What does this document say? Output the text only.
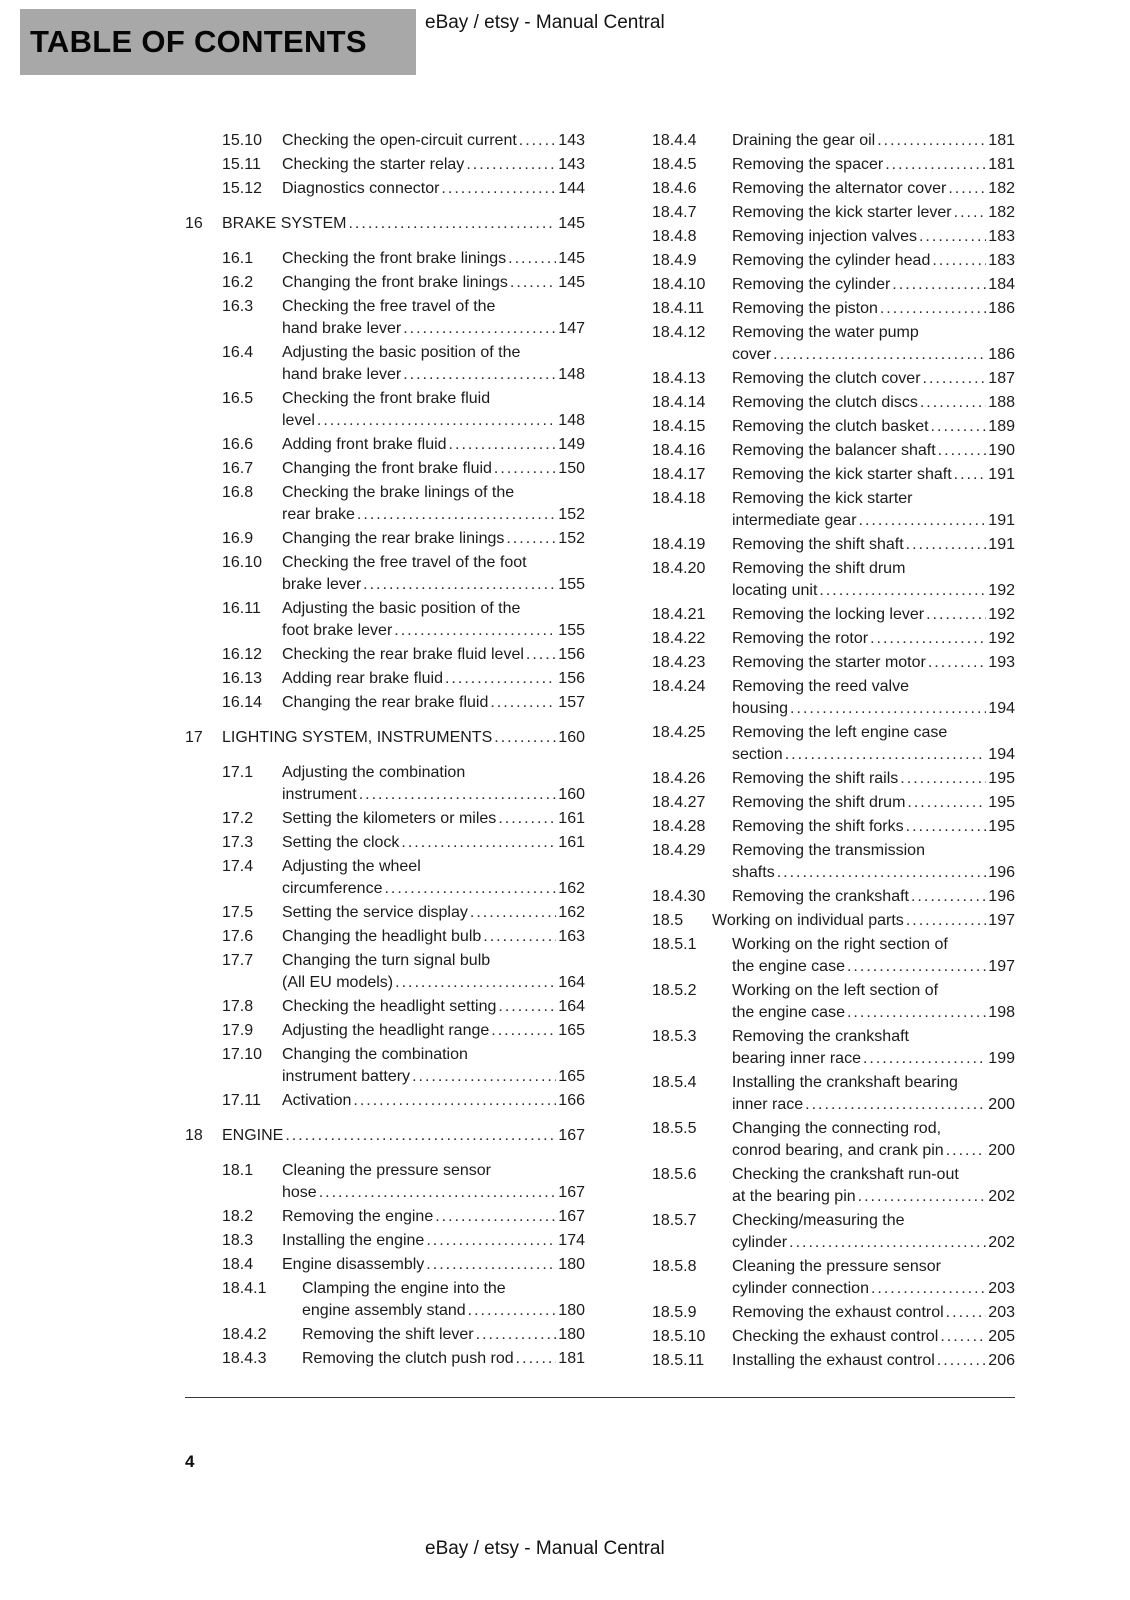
TABLE OF CONTENTS
eBay / etsy - Manual Central
15.10	Checking the open-circuit current .....	143
15.11	Checking the starter relay .....	143
15.12	Diagnostics connector .....	144
16	BRAKE SYSTEM .....	145
16.1	Checking the front brake linings .....	145
16.2	Changing the front brake linings .....	145
16.3	Checking the free travel of the
hand brake lever .....	147
16.4	Adjusting the basic position of the
hand brake lever .....	148
16.5	Checking the front brake fluid
level .....	148
16.6	Adding front brake fluid .....	149
16.7	Changing the front brake fluid .....	150
16.8	Checking the brake linings of the
rear brake .....	152
16.9	Changing the rear brake linings .....	152
16.10	Checking the free travel of the foot
brake lever .....	155
16.11	Adjusting the basic position of the
foot brake lever .....	155
16.12	Checking the rear brake fluid level ..... 156
16.13	Adding rear brake fluid .....	156
16.14	Changing the rear brake fluid .....	157
17	LIGHTING SYSTEM, INSTRUMENTS .....	160
17.1	Adjusting the combination
instrument .....	160
17.2	Setting the kilometers or miles .....	161
17.3	Setting the clock .....	161
17.4	Adjusting the wheel
circumference .....	162
17.5	Setting the service display .....	162
17.6	Changing the headlight bulb .....	163
17.7	Changing the turn signal bulb
(All EU models) .....	164
17.8	Checking the headlight setting .....	164
17.9	Adjusting the headlight range .....	165
17.10	Changing the combination
instrument battery .....	165
17.11	Activation .....	166
18	ENGINE .....	167
18.1	Cleaning the pressure sensor
hose .....	167
18.2	Removing the engine .....	167
18.3	Installing the engine .....	174
18.4	Engine disassembly .....	180
18.4.1	Clamping the engine into the
engine assembly stand .....	180
18.4.2	Removing the shift lever .....	180
18.4.3	Removing the clutch push rod .....	181
18.4.4	Draining the gear oil .....	181
18.4.5	Removing the spacer .....	181
18.4.6	Removing the alternator cover .....	182
18.4.7	Removing the kick starter lever ..... 182
18.4.8	Removing injection valves .....	183
18.4.9	Removing the cylinder head .....	183
18.4.10	Removing the cylinder .....	184
18.4.11	Removing the piston .....	186
18.4.12	Removing the water pump
cover .....	186
18.4.13	Removing the clutch cover .....	187
18.4.14	Removing the clutch discs .....	188
18.4.15	Removing the clutch basket .....	189
18.4.16	Removing the balancer shaft .....	190
18.4.17	Removing the kick starter shaft ..... 191
18.4.18	Removing the kick starter
intermediate gear .....	191
18.4.19	Removing the shift shaft .....	191
18.4.20	Removing the shift drum
locating unit .....	192
18.4.21	Removing the locking lever .....	192
18.4.22	Removing the rotor .....	192
18.4.23	Removing the starter motor .....	193
18.4.24	Removing the reed valve
housing .....	194
18.4.25	Removing the left engine case
section .....	194
18.4.26	Removing the shift rails .....	195
18.4.27	Removing the shift drum .....	195
18.4.28	Removing the shift forks .....	195
18.4.29	Removing the transmission
shafts .....	196
18.4.30	Removing the crankshaft .....	196
18.5	Working on individual parts .....	197
18.5.1	Working on the right section of
the engine case .....	197
18.5.2	Working on the left section of
the engine case .....	198
18.5.3	Removing the crankshaft
bearing inner race .....	199
18.5.4	Installing the crankshaft bearing
inner race .....	200
18.5.5	Changing the connecting rod,
conrod bearing, and crank pin .....	200
18.5.6	Checking the crankshaft run-out
at the bearing pin .....	202
18.5.7	Checking/measuring the
cylinder .....	202
18.5.8	Cleaning the pressure sensor
cylinder connection .....	203
18.5.9	Removing the exhaust control .....	203
18.5.10	Checking the exhaust control .....	205
18.5.11	Installing the exhaust control .....	206
4
eBay / etsy - Manual Central
